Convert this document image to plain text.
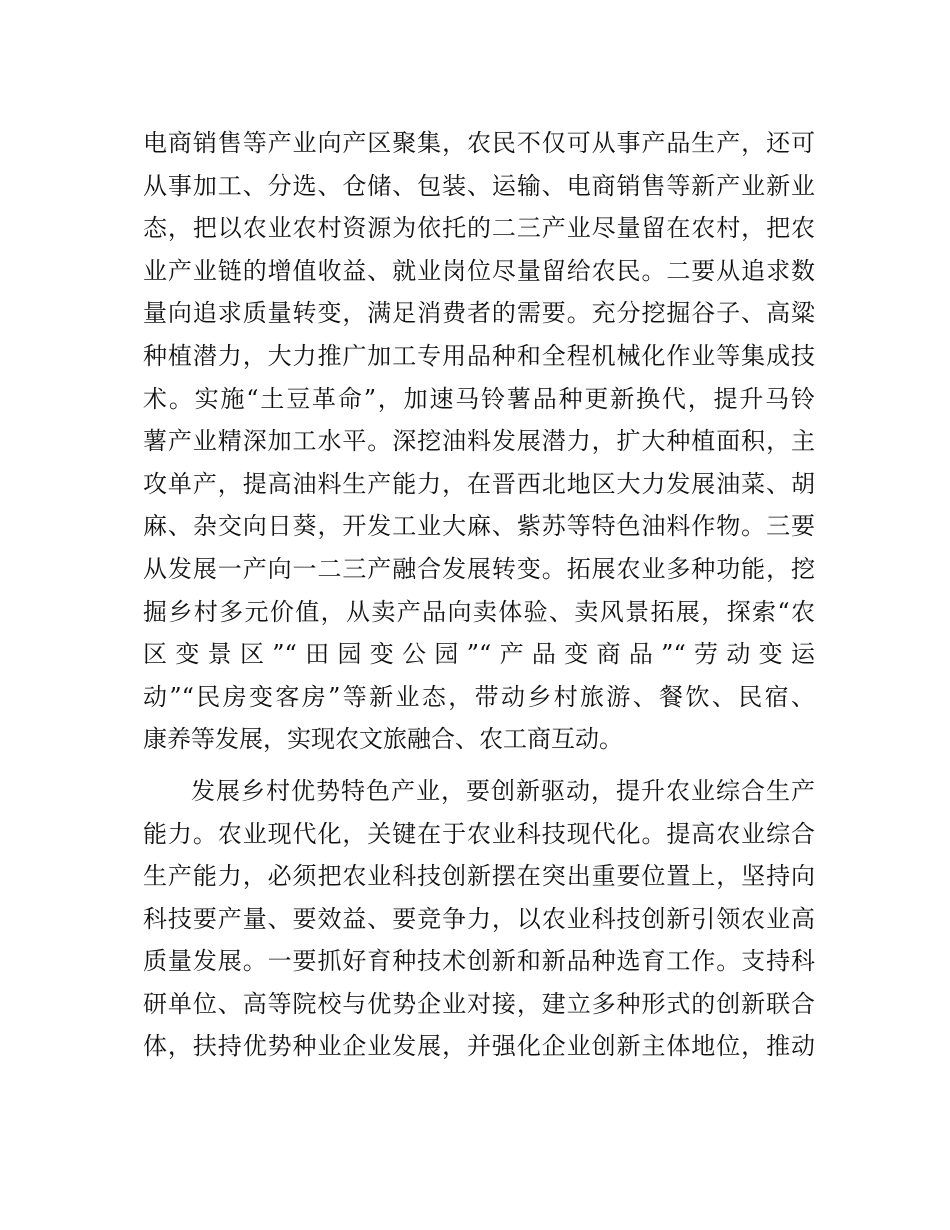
电商销售等产业向产区聚集，农民不仅可从事产品生产，还可
从事加工、分选、仓储、包装、运输、电商销售等新产业新业
态，把以农业农村资源为依托的二三产业尽量留在农村，把农
业产业链的增值收益、就业岗位尽量留给农民。二要从追求数
量向追求质量转变，满足消费者的需要。充分挖掘谷子、高粱
种植潜力，大力推广加工专用品种和全程机械化作业等集成技
术。实施“土豆革命”，加速马铃薯品种更新换代，提升马铃
薯产业精深加工水平。深挖油料发展潜力，扩大种植面积，主
攻单产，提高油料生产能力，在晋西北地区大力发展油菜、胡
麻、杂交向日葵，开发工业大麻、紫苏等特色油料作物。三要
从发展一产向一二三产融合发展转变。拓展农业多种功能，挖
掘乡村多元价值，从卖产品向卖体验、卖风景拓展，探索“农
区变景区”“田园变公园”“产品变商品”“劳动变运
动”“民房变客房”等新业态，带动乡村旅游、餐饮、民宿、
康养等发展，实现农文旅融合、农工商互动。
发展乡村优势特色产业，要创新驱动，提升农业综合生产
能力。农业现代化，关键在于农业科技现代化。提高农业综合
生产能力，必须把农业科技创新摆在突出重要位置上，坚持向
科技要产量、要效益、要竞争力，以农业科技创新引领农业高
质量发展。一要抓好育种技术创新和新品种选育工作。支持科
研单位、高等院校与优势企业对接，建立多种形式的创新联合
体，扶持优势种业企业发展，并强化企业创新主体地位，推动
